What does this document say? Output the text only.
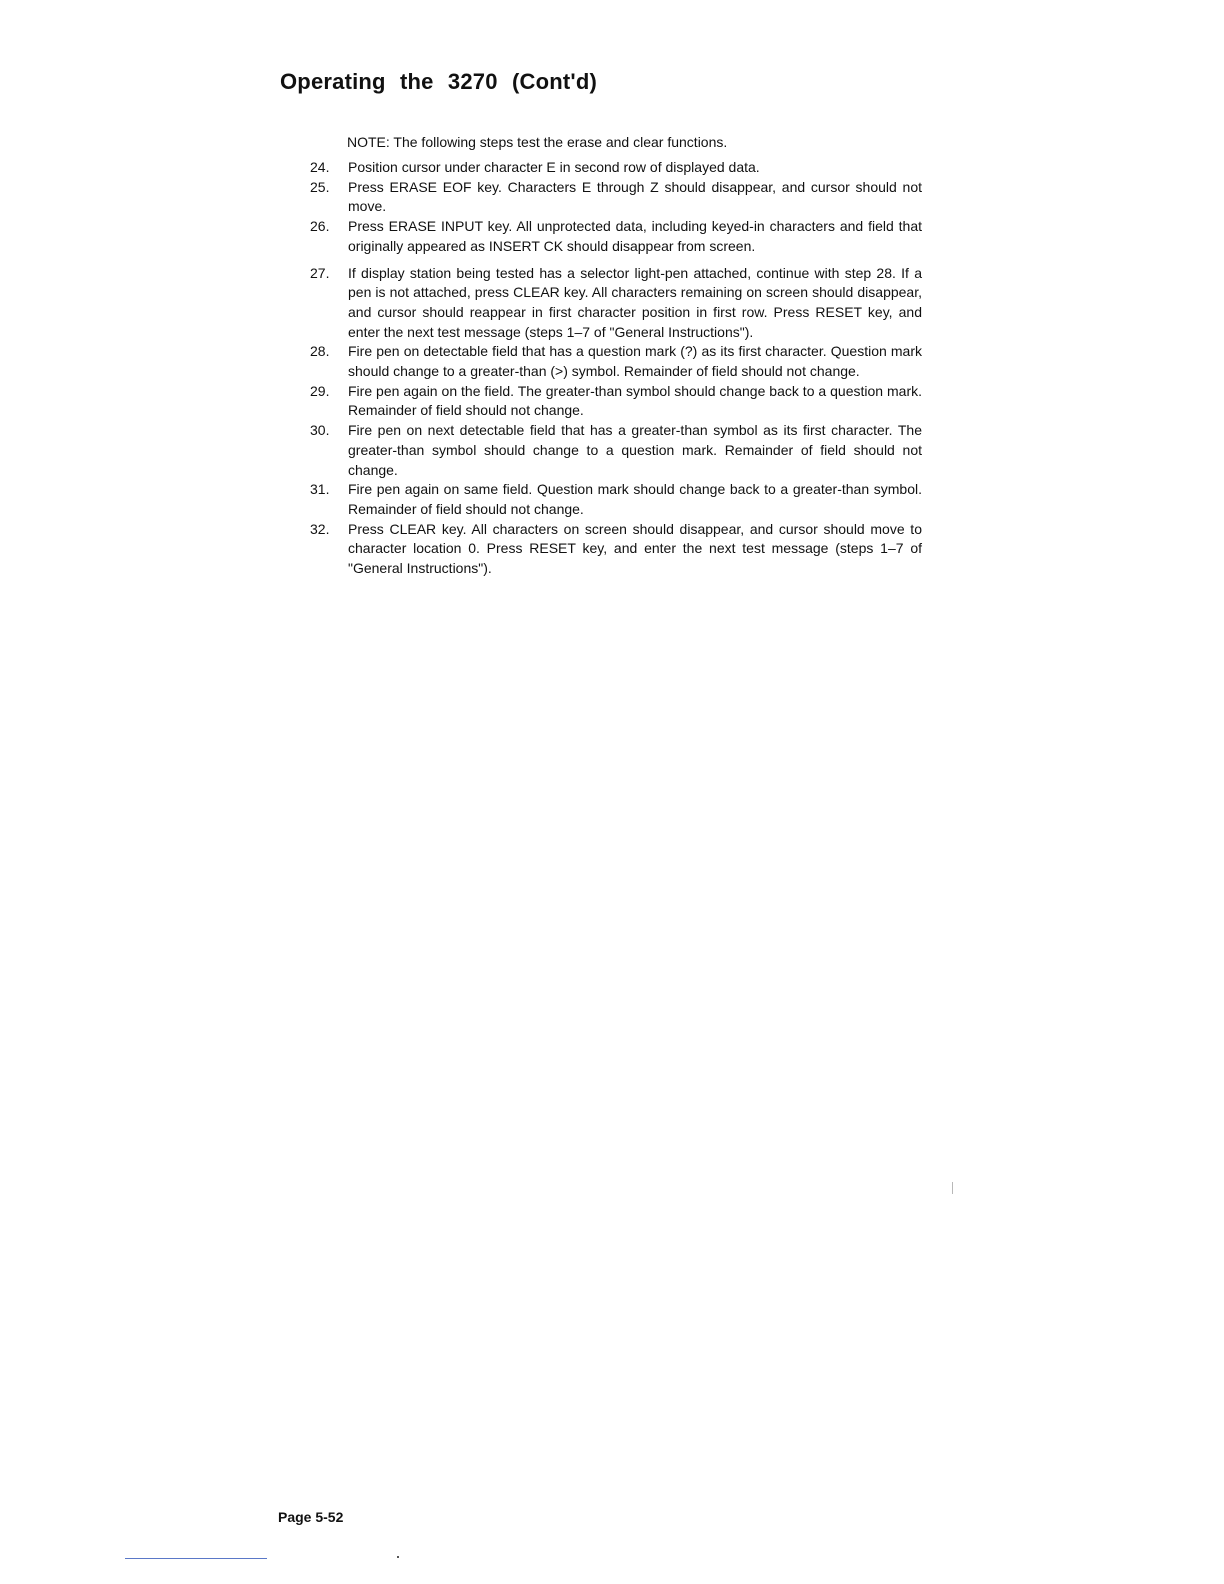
Operating the 3270 (Cont'd)

NOTE: The following steps test the erase and clear functions.

24. Position cursor under character E in second row of displayed data.
25. Press ERASE EOF key. Characters E through Z should disappear, and cursor should not move.
26. Press ERASE INPUT key. All unprotected data, including keyed-in characters and field that originally appeared as INSERT CK should disappear from screen.
27. If display station being tested has a selector light-pen attached, continue with step 28. If a pen is not attached, press CLEAR key. All characters remaining on screen should disappear, and cursor should reappear in first character position in first row. Press RESET key, and enter the next test message (steps 1–7 of "General Instructions").
28. Fire pen on detectable field that has a question mark (?) as its first character. Question mark should change to a greater-than (>) symbol. Remainder of field should not change.
29. Fire pen again on the field. The greater-than symbol should change back to a question mark. Remainder of field should not change.
30. Fire pen on next detectable field that has a greater-than symbol as its first character. The greater-than symbol should change to a question mark. Remainder of field should not change.
31. Fire pen again on same field. Question mark should change back to a greater-than symbol. Remainder of field should not change.
32. Press CLEAR key. All characters on screen should disappear, and cursor should move to character location 0. Press RESET key, and enter the next test message (steps 1–7 of "General Instructions").
Page 5-52
